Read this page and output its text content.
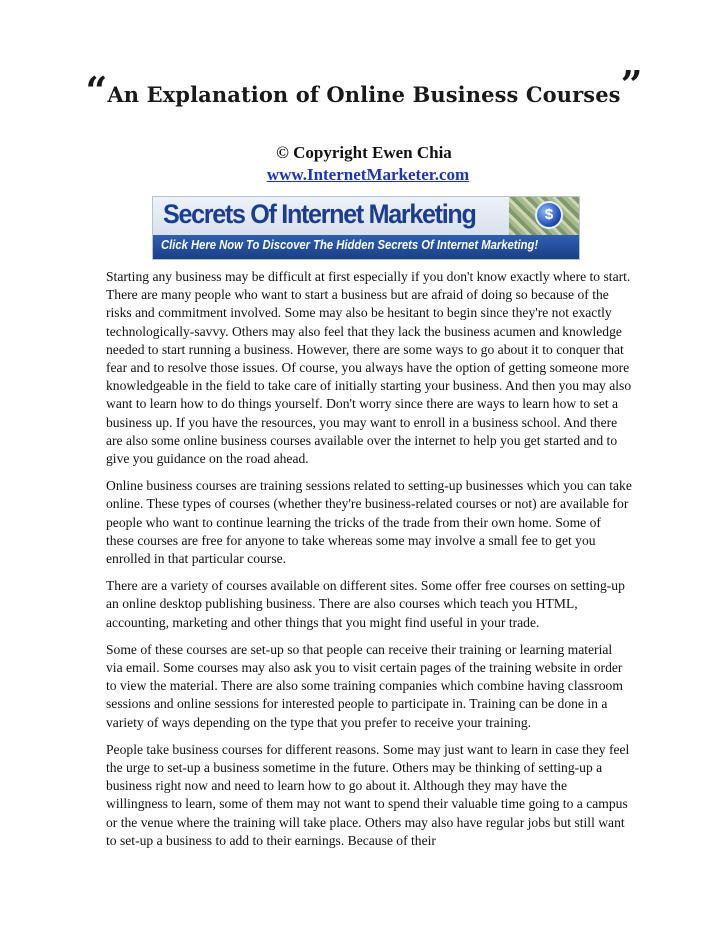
“An Explanation of Online Business Courses”
© Copyright Ewen Chia
www.InternetMarketer.com
Secrets Of Internet Marketing	$
Click Here Now To Discover The Hidden Secrets Of Internet Marketing!

Starting any business may be difficult at first especially if you don't know exactly where to start. There are many people who want to start a business but are afraid of doing so because of the risks and commitment involved. Some may also be hesitant to begin since they're not exactly technologically-savvy. Others may also feel that they lack the business acumen and knowledge needed to start running a business. However, there are some ways to go about it to conquer that fear and to resolve those issues. Of course, you always have the option of getting someone more knowledgeable in the field to take care of initially starting your business. And then you may also want to learn how to do things yourself. Don't worry since there are ways to learn how to set a business up. If you have the resources, you may want to enroll in a business school. And there are also some online business courses available over the internet to help you get started and to give you guidance on the road ahead.

Online business courses are training sessions related to setting-up businesses which you can take online. These types of courses (whether they're business-related courses or not) are available for people who want to continue learning the tricks of the trade from their own home. Some of these courses are free for anyone to take whereas some may involve a small fee to get you enrolled in that particular course.

There are a variety of courses available on different sites. Some offer free courses on setting-up an online desktop publishing business. There are also courses which teach you HTML, accounting, marketing and other things that you might find useful in your trade.

Some of these courses are set-up so that people can receive their training or learning material via email. Some courses may also ask you to visit certain pages of the training website in order to view the material. There are also some training companies which combine having classroom sessions and online sessions for interested people to participate in. Training can be done in a variety of ways depending on the type that you prefer to receive your training.

People take business courses for different reasons. Some may just want to learn in case they feel the urge to set-up a business sometime in the future. Others may be thinking of setting-up a business right now and need to learn how to go about it. Although they may have the willingness to learn, some of them may not want to spend their valuable time going to a campus or the venue where the training will take place. Others may also have regular jobs but still want to set-up a business to add to their earnings. Because of their
